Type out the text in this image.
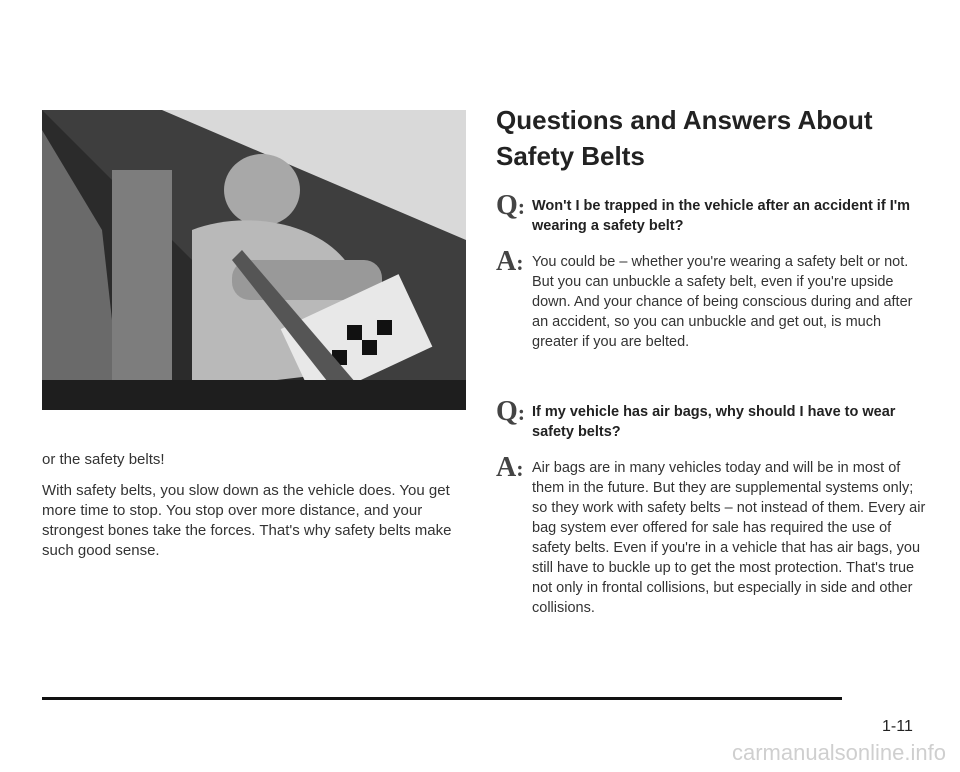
or the safety belts!

With safety belts, you slow down as the vehicle does. You get more time to stop. You stop over more distance, and your strongest bones take the forces. That's why safety belts make such good sense.

Questions and Answers About Safety Belts
Q : Won't I be trapped in the vehicle after an accident if I'm wearing a safety belt?
A :	You could be – whether you're wearing a safety belt or not. But you can unbuckle a safety belt, even if you're upside down. And your chance of being conscious during and after an accident, so you can unbuckle and get out, is much greater if you are belted.
Q : If my vehicle has air bags, why should I have to wear safety belts?
A :	Air bags are in many vehicles today and will be in most of them in the future. But they are supplemental systems only; so they work with safety belts – not instead of them. Every air bag system ever offered for sale has required the use of safety belts. Even if you're in a vehicle that has air bags, you still have to buckle up to get the most protection. That's true not only in frontal collisions, but especially in side and other collisions.
1-11
carmanualsonline.info
